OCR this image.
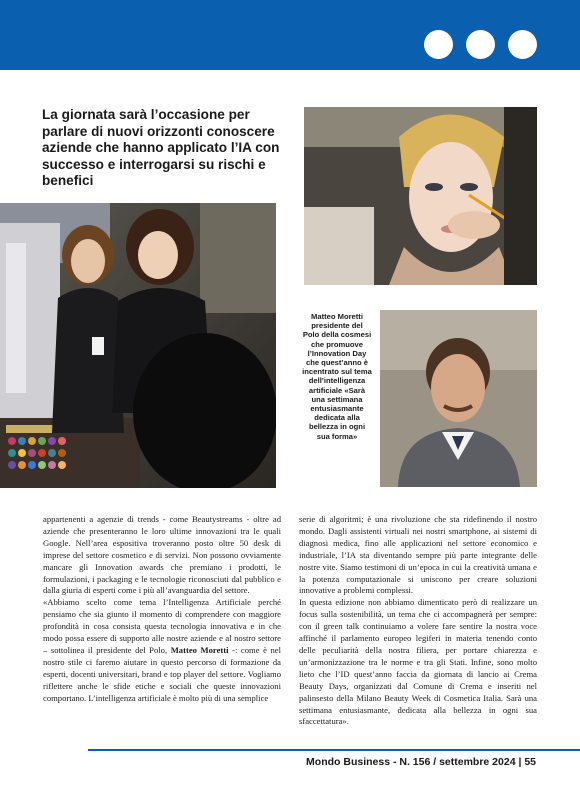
La giornata sarà l’occasione per parlare di nuovi orizzonti conoscere aziende che hanno applicato l’IA con successo e interrogarsi su rischi e benefici
Matteo Moretti
presidente del Polo della cosmesi che promuove l’Innovation Day che quest’anno è incentrato sul tema dell’intelligenza artificiale «Sarà una settimana entusiasmante dedicata alla bellezza in ogni sua forma»

appartenenti a agenzie di trends - come Beautystreams - oltre ad aziende che presenteranno le loro ultime innovazioni tra le quali Google. Nell’area espositiva troveranno posto oltre 50 desk di imprese del settore cosmetico e di servizi. Non possono ovviamente mancare gli Innovation awards che premiano i prodotti, le formulazioni, i packaging e le tecnologie riconosciuti dal pubblico e dalla giuria di esperti come i più all’avanguardia del settore.

«Abbiamo scelto come tema l’Intelligenza Artificiale perché pensiamo che sia giunto il momento di comprendere con maggiore profondità in cosa consista questa tecnologia innovativa e in che modo possa essere di supporto alle nostre aziende e al nostro settore – sottolinea il presidente del Polo, Matteo Moretti -: come è nel nostro stile ci faremo aiutare in questo percorso di formazione da esperti, docenti universitari, brand e top player del settore. Vogliamo riflettere anche le sfide etiche e sociali che queste innovazioni comportano. L’intelligenza artificiale è molto più di una semplice

serie di algoritmi; è una rivoluzione che sta ridefinendo il nostro mondo. Dagli assistenti virtuali nei nostri smartphone, ai sistemi di diagnosi medica, fino alle applicazioni nel settore economico e industriale, l’IA sta diventando sempre più parte integrante delle nostre vite. Siamo testimoni di un’epoca in cui la creatività umana e la potenza computazionale si uniscono per creare soluzioni innovative a problemi complessi.

In questa edizione non abbiamo dimenticato però di realizzare un focus sulla sostenibilità, un tema che ci accompagnerà per sempre: con il green talk continuiamo a volere fare sentire la nostra voce affinché il parlamento europeo legiferi in materia tenendo conto delle peculiarità della nostra filiera, per portare chiarezza e un’armonizzazione tra le norme e tra gli Stati. Infine, sono molto lieto che l’ID quest’anno faccia da giornata di lancio ai Crema Beauty Days, organizzati dal Comune di Crema e inseriti nel palinsesto della Milano Beauty Week di Cosmetica Italia. Sarà una settimana entusiasmante, dedicata alla bellezza in ogni sua sfaccettatura».

Mondo Business - N. 156 / settembre 2024 | 55
